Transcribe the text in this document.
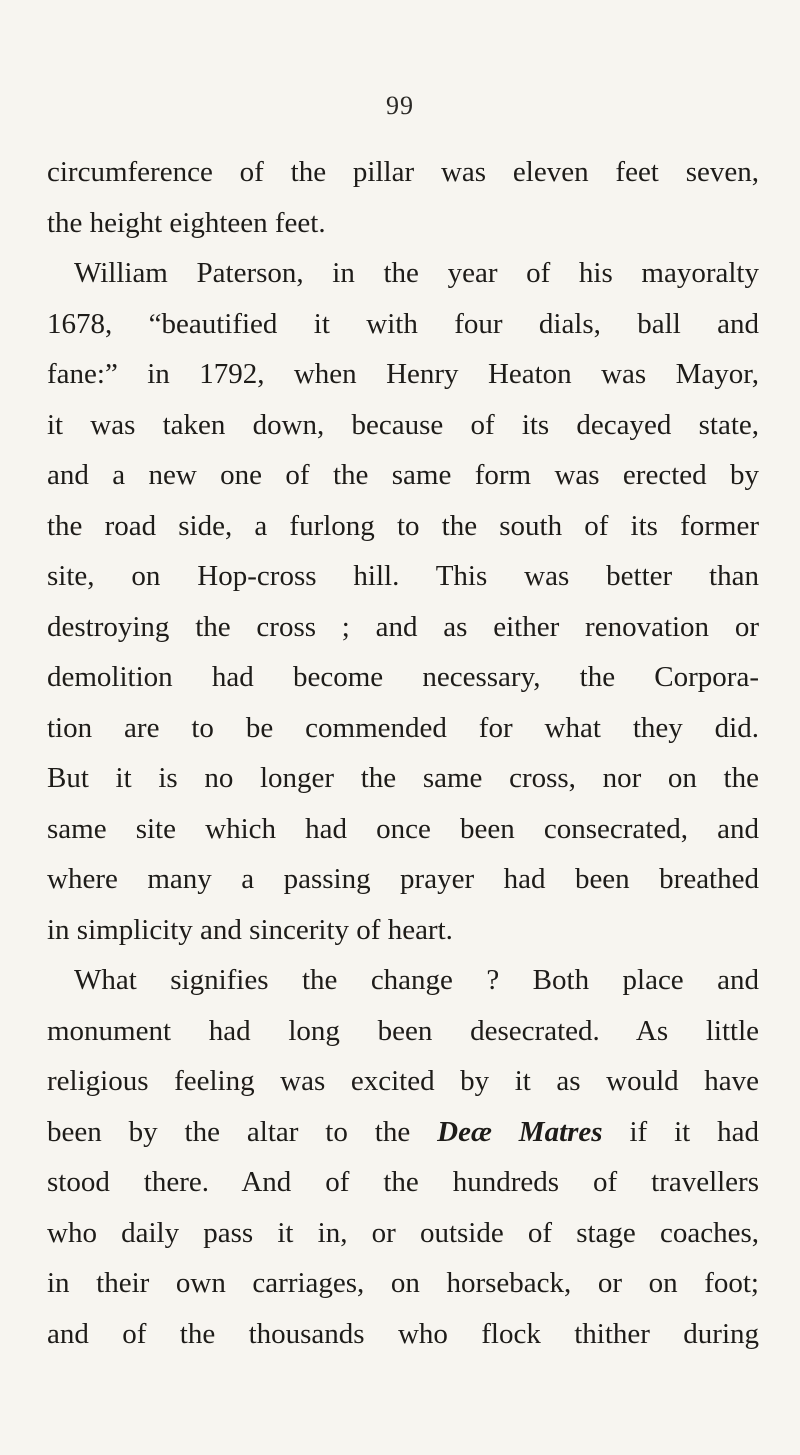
99
circumference of the pillar was eleven feet seven,
the height eighteen feet.
William Paterson, in the year of his mayoralty
1678, “beautified it with four dials, ball and
fane:” in 1792, when Henry Heaton was Mayor,
it was taken down, because of its decayed state,
and a new one of the same form was erected by
the road side, a furlong to the south of its former
site, on Hop-cross hill. This was better than
destroying the cross ; and as either renovation or
demolition had become necessary, the Corpora-
tion are to be commended for what they did.
But it is no longer the same cross, nor on the
same site which had once been consecrated, and
where many a passing prayer had been breathed
in simplicity and sincerity of heart.
What signifies the change ? Both place and
monument had long been desecrated. As little
religious feeling was excited by it as would have
been by the altar to the Deæ Matres if it had
stood there. And of the hundreds of travellers
who daily pass it in, or outside of stage coaches,
in their own carriages, on horseback, or on foot;
and of the thousands who flock thither during
